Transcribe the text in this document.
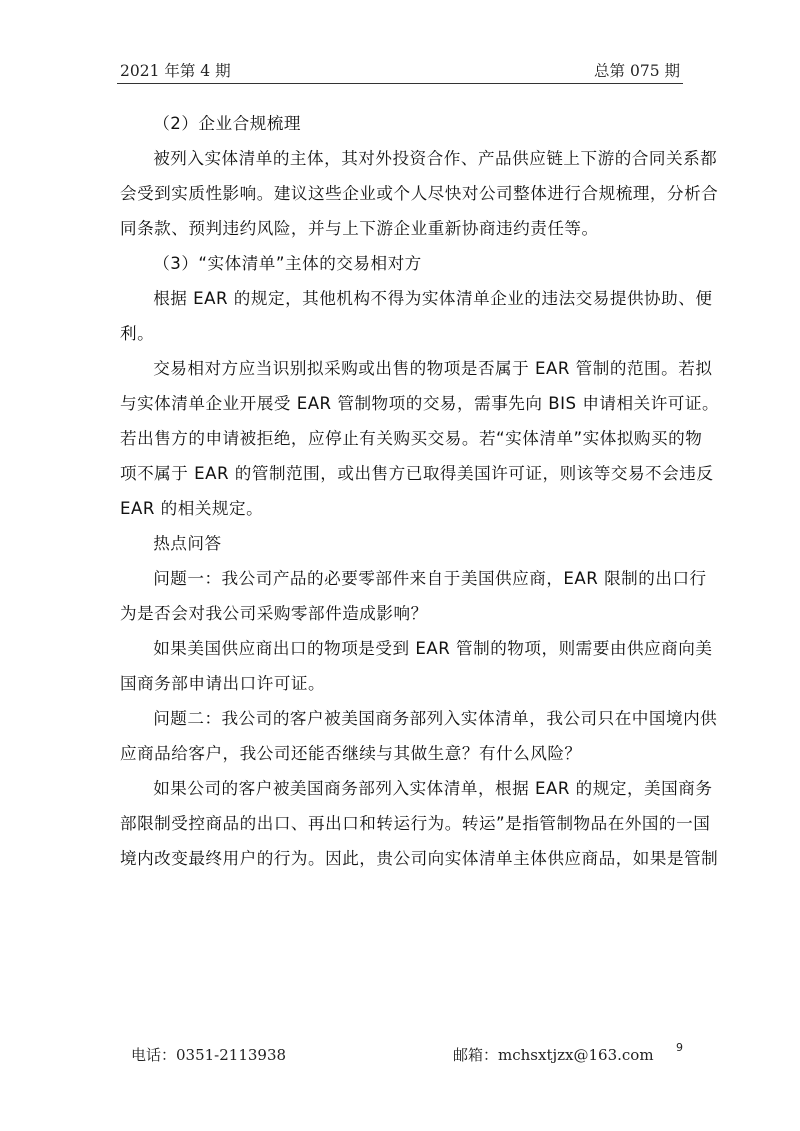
2021 年第 4 期	总第 075 期

（2）企业合规梳理

被列入实体清单的主体，其对外投资合作、产品供应链上下游的合同关系都
会受到实质性影响。建议这些企业或个人尽快对公司整体进行合规梳理，分析合
同条款、预判违约风险，并与上下游企业重新协商违约责任等。

（3）“实体清单”主体的交易相对方

根据 EAR 的规定，其他机构不得为实体清单企业的违法交易提供协助、便
利。

交易相对方应当识别拟采购或出售的物项是否属于 EAR 管制的范围。若拟
与实体清单企业开展受 EAR 管制物项的交易，需事先向 BIS 申请相关许可证。
若出售方的申请被拒绝，应停止有关购买交易。若“实体清单”实体拟购买的物
项不属于 EAR 的管制范围，或出售方已取得美国许可证，则该等交易不会违反
EAR 的相关规定。

热点问答

问题一：我公司产品的必要零部件来自于美国供应商，EAR 限制的出口行
为是否会对我公司采购零部件造成影响？

如果美国供应商出口的物项是受到 EAR 管制的物项，则需要由供应商向美
国商务部申请出口许可证。

问题二：我公司的客户被美国商务部列入实体清单，我公司只在中国境内供
应商品给客户，我公司还能否继续与其做生意？有什么风险？

如果公司的客户被美国商务部列入实体清单，根据 EAR 的规定，美国商务
部限制受控商品的出口、再出口和转运行为。转运”是指管制物品在外国的一国
境内改变最终用户的行为。因此，贵公司向实体清单主体供应商品，如果是管制

电话：0351-2113938	邮箱：mchsxtjzx@163.com 9
